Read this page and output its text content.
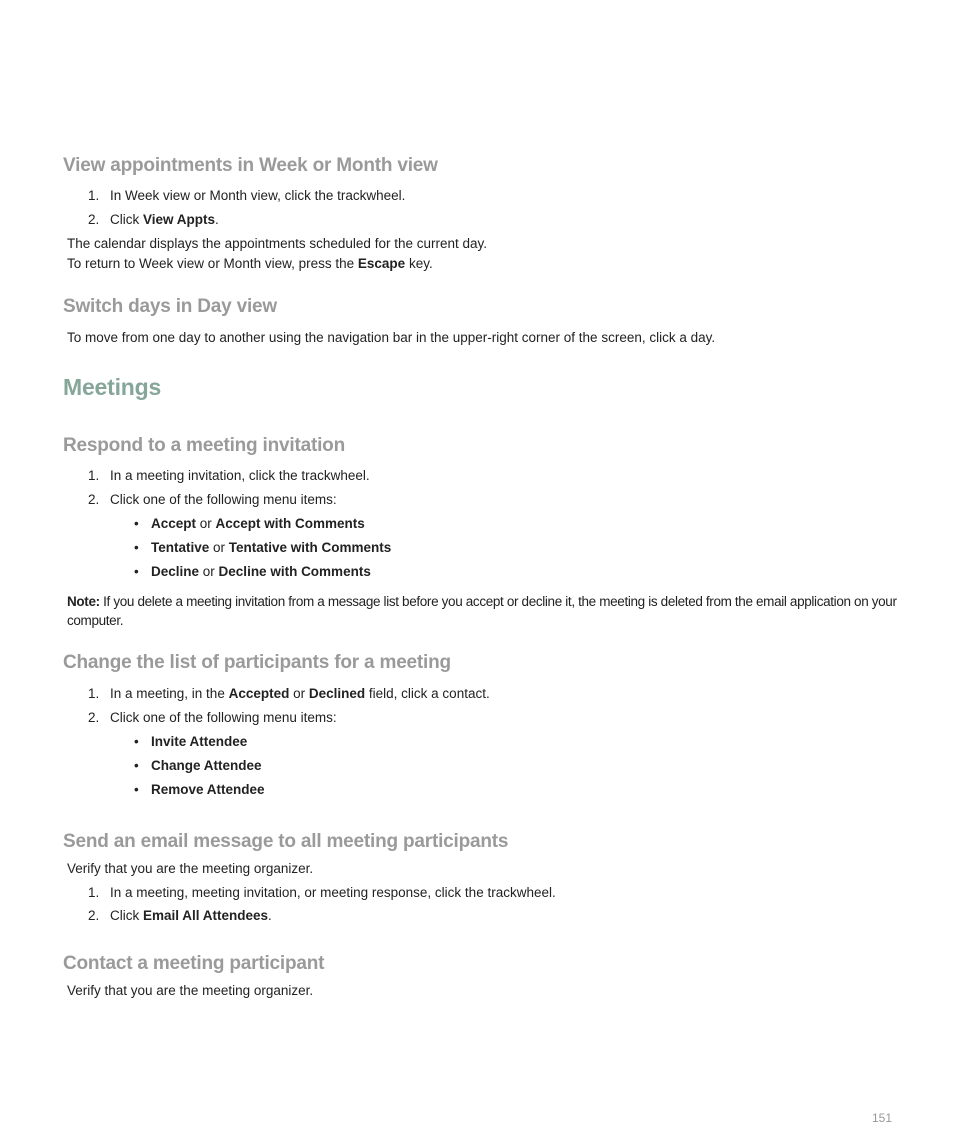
View appointments in Week or Month view
1. In Week view or Month view, click the trackwheel.
2. Click View Appts.
The calendar displays the appointments scheduled for the current day.
To return to Week view or Month view, press the Escape key.
Switch days in Day view
To move from one day to another using the navigation bar in the upper-right corner of the screen, click a day.
Meetings
Respond to a meeting invitation
1. In a meeting invitation, click the trackwheel.
2. Click one of the following menu items:
• Accept or Accept with Comments
• Tentative or Tentative with Comments
• Decline or Decline with Comments
Note: If you delete a meeting invitation from a message list before you accept or decline it, the meeting is deleted from the email application on your computer.
Change the list of participants for a meeting
1. In a meeting, in the Accepted or Declined field, click a contact.
2. Click one of the following menu items:
• Invite Attendee
• Change Attendee
• Remove Attendee
Send an email message to all meeting participants
Verify that you are the meeting organizer.
1. In a meeting, meeting invitation, or meeting response, click the trackwheel.
2. Click Email All Attendees.
Contact a meeting participant
Verify that you are the meeting organizer.
151
